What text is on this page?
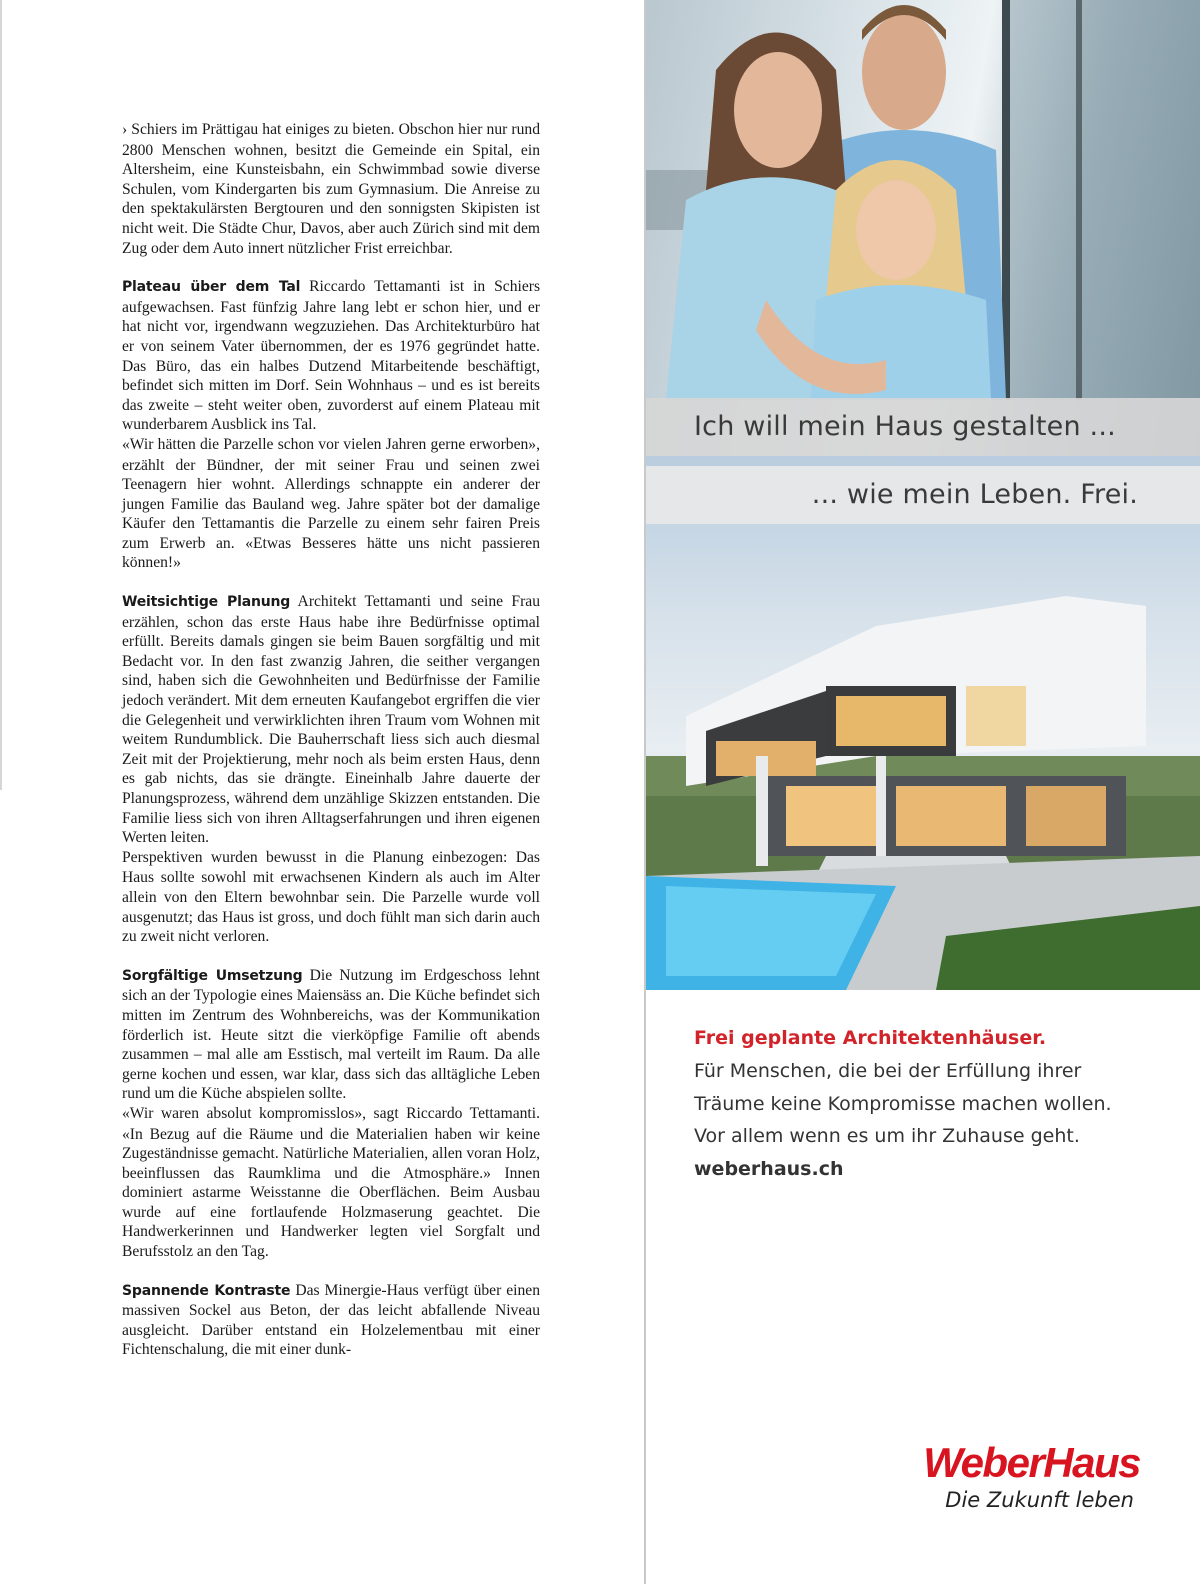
› Schiers im Prättigau hat einiges zu bieten. Obschon hier nur rund 2800 Menschen wohnen, besitzt die Gemeinde ein Spital, ein Altersheim, eine Kunsteisbahn, ein Schwimmbad sowie diverse Schulen, vom Kindergarten bis zum Gymnasium. Die Anreise zu den spektakulärsten Bergtouren und den sonnigsten Skipisten ist nicht weit. Die Städte Chur, Davos, aber auch Zürich sind mit dem Zug oder dem Auto innert nützlicher Frist erreichbar.

Plateau über dem Tal Riccardo Tettamanti ist in Schiers aufgewachsen. Fast fünfzig Jahre lang lebt er schon hier, und er hat nicht vor, irgendwann wegzuziehen. Das Architekturbüro hat er von seinem Vater übernommen, der es 1976 gegründet hatte. Das Büro, das ein halbes Dutzend Mitarbeitende beschäftigt, befindet sich mitten im Dorf. Sein Wohnhaus – und es ist bereits das zweite – steht weiter oben, zuvorderst auf einem Plateau mit wunderbarem Ausblick ins Tal.

«Wir hätten die Parzelle schon vor vielen Jahren gerne erworben», erzählt der Bündner, der mit seiner Frau und seinen zwei Teenagern hier wohnt. Allerdings schnappte ein anderer der jungen Familie das Bauland weg. Jahre später bot der damalige Käufer den Tettamantis die Parzelle zu einem sehr fairen Preis zum Erwerb an. «Etwas Besseres hätte uns nicht passieren können!»

Weitsichtige Planung Architekt Tettamanti und seine Frau erzählen, schon das erste Haus habe ihre Bedürfnisse optimal erfüllt. Bereits damals gingen sie beim Bauen sorgfältig und mit Bedacht vor. In den fast zwanzig Jahren, die seither vergangen sind, haben sich die Gewohnheiten und Bedürfnisse der Familie jedoch verändert. Mit dem erneuten Kaufangebot ergriffen die vier die Gelegenheit und verwirklichten ihren Traum vom Wohnen mit weitem Rundumblick. Die Bauherrschaft liess sich auch diesmal Zeit mit der Projektierung, mehr noch als beim ersten Haus, denn es gab nichts, das sie drängte. Eineinhalb Jahre dauerte der Planungsprozess, während dem unzählige Skizzen entstanden. Die Familie liess sich von ihren Alltagserfahrungen und ihren eigenen Werten leiten.

Perspektiven wurden bewusst in die Planung einbezogen: Das Haus sollte sowohl mit erwachsenen Kindern als auch im Alter allein von den Eltern bewohnbar sein. Die Parzelle wurde voll ausgenutzt; das Haus ist gross, und doch fühlt man sich darin auch zu zweit nicht verloren.

Sorgfältige Umsetzung Die Nutzung im Erdgeschoss lehnt sich an der Typologie eines Maiensäss an. Die Küche befindet sich mitten im Zentrum des Wohnbereichs, was der Kommunikation förderlich ist. Heute sitzt die vierköpfige Familie oft abends zusammen – mal alle am Esstisch, mal verteilt im Raum. Da alle gerne kochen und essen, war klar, dass sich das alltägliche Leben rund um die Küche abspielen sollte.

«Wir waren absolut kompromisslos», sagt Riccardo Tettamanti. «In Bezug auf die Räume und die Materialien haben wir keine Zugeständnisse gemacht. Natürliche Materialien, allen voran Holz, beeinflussen das Raumklima und die Atmosphäre.» Innen dominiert astarme Weisstanne die Oberflächen. Beim Ausbau wurde auf eine fortlaufende Holzmaserung geachtet. Die Handwerkerinnen und Handwerker legten viel Sorgfalt und Berufsstolz an den Tag.

Spannende Kontraste Das Minergie-Haus verfügt über einen massiven Sockel aus Beton, der das leicht abfallende Niveau ausgleicht. Darüber entstand ein Holzelementbau mit einer Fichtenschalung, die mit einer dunk-

Ich will mein Haus gestalten ...
... wie mein Leben. Frei.
Frei geplante Architektenhäuser.
Für Menschen, die bei der Erfüllung ihrer
Träume keine Kompromisse machen wollen.
Vor allem wenn es um ihr Zuhause geht.
weberhaus.ch
WeberHaus
Die Zukunft leben
